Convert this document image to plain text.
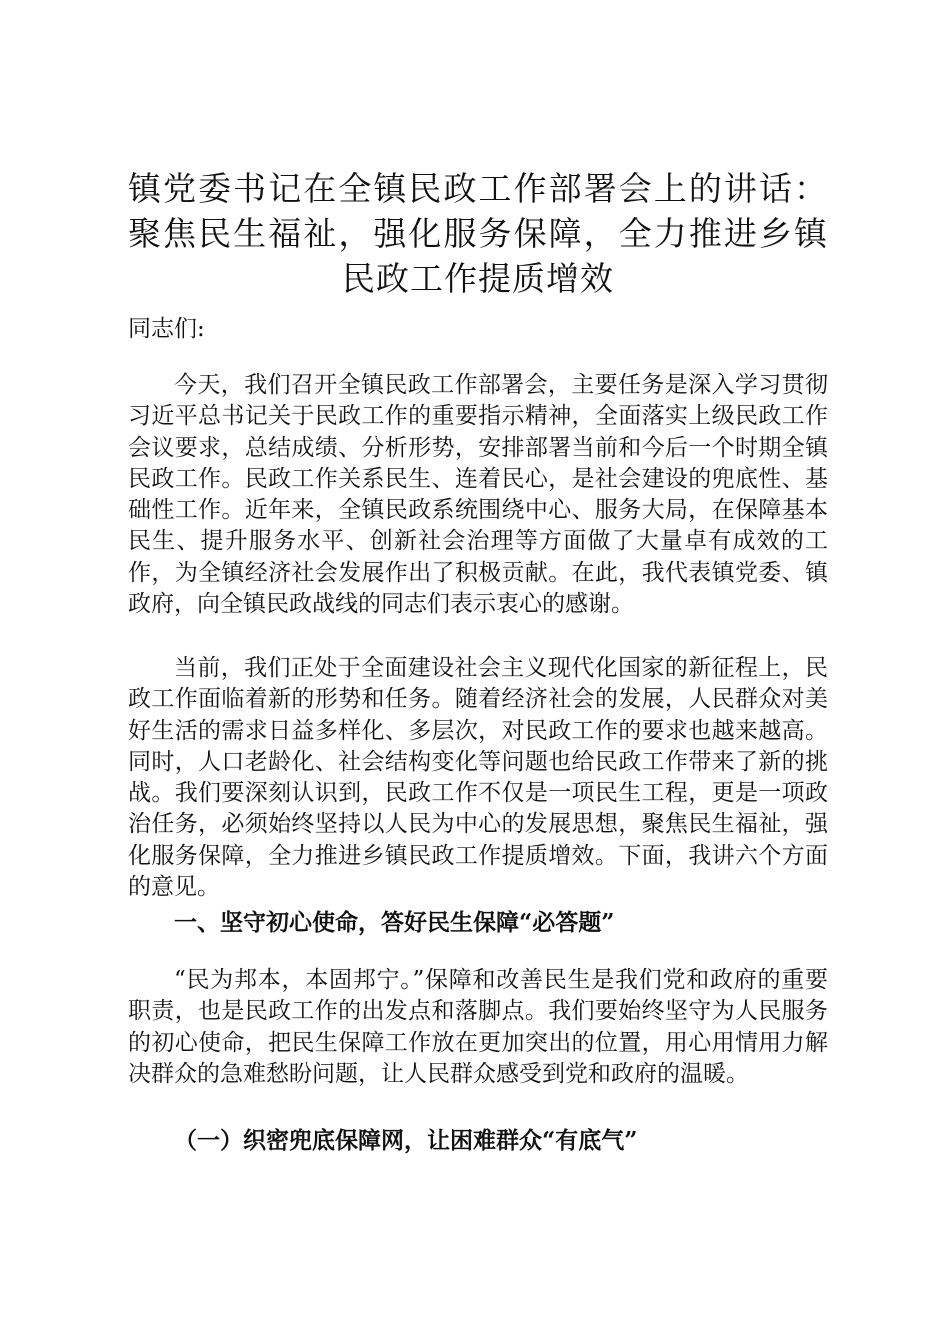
镇党委书记在全镇民政工作部署会上的讲话：聚焦民生福祉，强化服务保障，全力推进乡镇民政工作提质增效

同志们:

今天，我们召开全镇民政工作部署会，主要任务是深入学习贯彻习近平总书记关于民政工作的重要指示精神，全面落实上级民政工作会议要求，总结成绩、分析形势，安排部署当前和今后一个时期全镇民政工作。民政工作关系民生、连着民心，是社会建设的兜底性、基础性工作。近年来，全镇民政系统围绕中心、服务大局，在保障基本民生、提升服务水平、创新社会治理等方面做了大量卓有成效的工作，为全镇经济社会发展作出了积极贡献。在此，我代表镇党委、镇政府，向全镇民政战线的同志们表示衷心的感谢。

当前，我们正处于全面建设社会主义现代化国家的新征程上，民政工作面临着新的形势和任务。随着经济社会的发展，人民群众对美好生活的需求日益多样化、多层次，对民政工作的要求也越来越高。同时，人口老龄化、社会结构变化等问题也给民政工作带来了新的挑战。我们要深刻认识到，民政工作不仅是一项民生工程，更是一项政治任务，必须始终坚持以人民为中心的发展思想，聚焦民生福祉，强化服务保障，全力推进乡镇民政工作提质增效。下面，我讲六个方面的意见。

一、坚守初心使命，答好民生保障“必答题”

“民为邦本，本固邦宁。”保障和改善民生是我们党和政府的重要职责，也是民政工作的出发点和落脚点。我们要始终坚守为人民服务的初心使命，把民生保障工作放在更加突出的位置，用心用情用力解决群众的急难愁盼问题，让人民群众感受到党和政府的温暖。

（一）织密兜底保障网，让困难群众“有底气”
